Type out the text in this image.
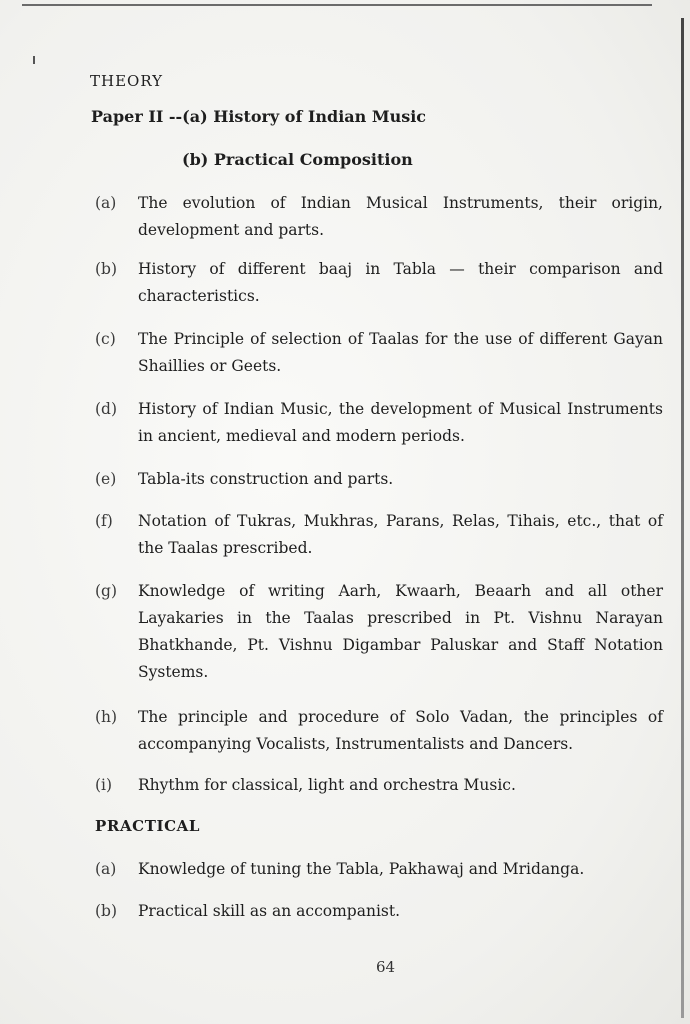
THEORY
Paper II --(a) History of Indian Music
(b) Practical Composition
(a)	The evolution of Indian Musical Instruments, their origin, development and parts.
(b)	History of different baaj in Tabla — their comparison and characteristics.
(c)	The Principle of selection of Taalas for the use of different Gayan Shaillies or Geets.
(d)	History of Indian Music, the development of Musical Instruments in ancient, medieval and modern periods.
(e)	Tabla-its construction and parts.
(f)	Notation of Tukras, Mukhras, Parans, Relas, Tihais, etc., that of the Taalas prescribed.
(g)	Knowledge of writing Aarh, Kwaarh, Beaarh and all other Layakaries in the Taalas prescribed in Pt. Vishnu Narayan Bhatkhande, Pt. Vishnu Digambar Paluskar and Staff Notation Systems.
(h)	The principle and procedure of Solo Vadan, the principles of accompanying Vocalists, Instrumentalists and Dancers.
(i)	Rhythm for classical, light and orchestra Music.
PRACTICAL
(a)	Knowledge of tuning the Tabla, Pakhawaj and Mridanga.
(b)	Practical skill as an accompanist.
64
